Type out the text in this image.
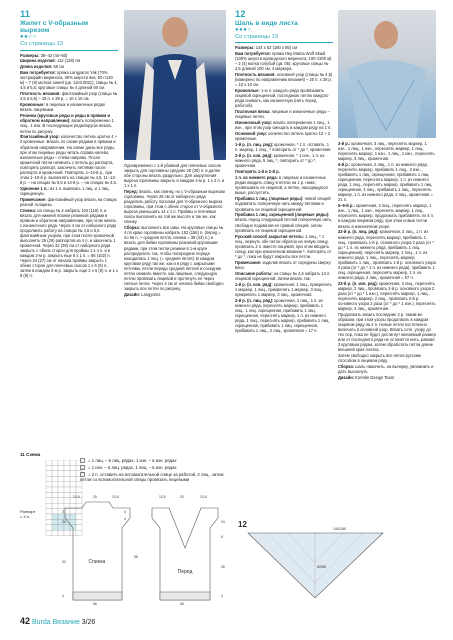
11
Жилет с V-образным вырезом
●●○○
Со страницы 13

Размеры: 38–42 (44–50)

Ширина изделия: 112 (128) см

Длина изделия: 58 см

Вам потребуется: пряжа Langyarns Yak (70% экстрафайн мериноса, 30% шерсти яка; 50 г/120 м) – 7 (8) мотков синей (цв. 1103.0021); спицы № 4, 4,5 и 5,5; круговые спицы № 4 длиной 60 см.

Плотность вязания: фантазийный узор (спицы № 4,5 и 5,5) – 18 п. x 28 р. = 10 x 10 см.

Кромочные: в лицевых и изнаночных рядах вязать лицевыми.

Резинка (круговые ряды и ряды в прямом и обратном направлении): вязать попеременно 1 лиц., 1 изн. В последующих рядах/кругах вязать петли по рисунку.

Фантазийный узор: количество петель кратно 4 + 2 кромочные. Вязать по схеме рядами в прямом и обратном направлении. На схеме даны все ряды, при этом лицевые ряды читать справа налево, изнаночные ряды – слева направо. После кромочной петли начинать с петель до раппорта, повторять раппорт, закончить петлями после раппорта и кромочной. Повторять 1–14-й р., при этом 1–10-й р. выполнять на спицах № 4,5, 11–13-й р. – на спицах № 5,5 и 14-й р. – на спицах № 4,5.

Удвоение 1 п.: из 1 п. вывязать 1 лиц. и 1 лиц. скрещенную.

Примечание: фантазийный узор вязать на спицах разной толщины.

Спинка: на спицы № 4 набрать 102 (118) п. и вязать для нижней планки резинкой рядами в прямом и обратном направлении, при этом начать с изнаночного ряда. Через 4 см от наборного ряда продолжить работу на спицах № 4,5 и 5,5 фантазийным узором, при этом после кромочной выполнять 25 (29) раппортов из 4 п. и закончить 1 кромочной. Через 32 (39) см от наборного ряда закрыть с обеих сторон для проймы 1 x 4 п. и в каждом 2-м р. закрыть еще 6 x 1 п. = 86 (102) п. Через 24 (27) см от начала проймы закрыть с обеих сторон для плечевых скосов 1 x 6 (8) п., затем в каждом 2-м р. закрыть еще 2 x 6 (8) п. и 1 x 8 (9) п.

Одновременно с 1-й убавкой для плечевых скосов закрыть для горловины средние 28 (30) п. и далее обе стороны вязать раздельно. Для закругления выреза горловины закрыть в каждом 2-м р. 1 x 2 п. и 1 x 1 п.

Перед: вязать, как спинку, но с V-образным вырезом горловины. Через 26 см от наборного ряда разделить работу пополам для V-образного выреза горловины, при этом с обеих сторон от V-образного выреза уменьшать 14 x 1 п. Проймы и плечевые скосы выполнить на той же высоте и так же, как спинку.

Сборка: выполнить все швы. На круговые спицы № 4 по краю горловины набрать 152 (156) п. (перед = по 56 п. + средняя петля, спинка = 39 (43) п.) и вязать для бейки горловины резинкой круговыми рядами, при этом петли резинки в 1-м круге распределить так, чтобы посередине переда находилась 1 лиц. (= средняя петля). В каждом круговом ряду так же, как и в ряду с закрытыми петлями, петли переда средней петлей и соседние петли снимать вместе, как лицевые, следующую петлю провязать лицевой и протянуть ее через снятые петли. Через 4 см от начала бейки свободно закрыть все петли по рисунку.

Дизайн: Langyarns

11 Схема
Раппорт = 4 п.
= 1 лиц. – в лиц. рядах, 1 изн. – в изн. рядах
– = 1 изн. – в лиц. рядах, 1 лиц. – в изн. рядах
⌒ = 2 п. оставить на вспомогательной спице за работой, 2 лиц., затем петли со вспомогательной спицы провязать лицевыми
Спинка
Перед
13,5	20	13,5
2
24
32
4
56
4
4
58
13,5	20	13,5
24
6
26
4
56
12
Шаль в виде листа
●●●○
Со страницы 13

Размеры: 144 x 52 (180 x 85) см

Вам потребуется: пряжа Hey Mama Wolf Skadi (100% шерсти ирландского мериноса; 100 г/200 м) – 2 (4) мотка голубой (цв. 05); круговые спицы № 4,5 длиной 100 см; 4 маркера.

Плотность вязания: основной узор (спицы № 4,5) (измерено по направлению вязания) – 20 п. x 28 р. = 10 x 10 см.

Кромочные: 1-ю п. каждого ряда провязывать лицевой скрещенной, последнюю петлю каждого ряда снимать, как изнаночную (нить перед работой).

Платочная вязка: лицевые и изнаночные ряды – лицевые петли.

Изнаночный узор: вязать попеременно 1 лиц., 1 изн., при этом узор смещать в каждом ряду на 1 п.

Основной узор: количество петель кратно 12 + 2 кромочные.

1-й р. (п. лиц. ряд): кромочная, * 1 п. оставить, 1 п. маркер, 1 лиц., * повторить от * до *, кромочная.

2-й р. (п. изн. ряд): кромочная, * 1 изн., 1 п. из нижнего ряда, 5 лиц. *, повторить от * до *, кромочная.

Повторять 1-й и 2-й р.

1 п. из нижнего ряда: в лицевых и изнаночных рядах вводить спицу в петлю на 1 р. ниже, провязывать ее лицевой, а петлю, находящуюся выше, распустить.

Прибавка 1 лиц. (лицевые ряды): левой спицей подхватить поперечную нить между петлями и провязать ее лицевой скрещенной.

Прибавка 1 лиц. скрещенной (лицевые ряды): вязать перед следующей петлей поперечную нить, свободно подхватив ее правой спицей, затем провязать ее лицевой скрещенной.

Русский способ закрытия петель: 1 лиц., * 1 лиц., вернуть обе петли обратно на левую спицу, провязать 2 п. вместе лицевой, при этом вводить спицу, как при изнаночном вязании *, повторять от * до *, пока не будут закрыты все петли.

Примечание: изделие вязать от середины сверху вниз.

Описание работы: на спицы № 4,5 набрать 13 п. лицевой скрещенной. Затем вязать так:

1-й р. (п. изн. ряд): кромочная, 1 лиц., прикрепить 1 маркер, 1 лиц., прикрепить 1 маркер, 3 лиц., прикрепить 1 маркер, 3 лиц., кромочная.

2-й р. (п. лиц. ряд): кромочная, 2 лиц., 1 п. из нижнего ряда, переснять маркер, прибавить 1 лиц., 1 лиц. скрещенная, прибавить 1 лиц. скрещенная, переснять маркер, 1 п. из нижнего ряда, 1 лиц., переснять маркер, прибавить 1 лиц. скрещенная, прибавить 1 лиц. скрещенная, прибавить 1 лиц., 2 лиц., кромочная = 17 п.

3-й р.: кромочная, 3 лиц., переснять маркер, 1 изн., 1 лиц., 1 изн., переснять маркер, 1 лиц., переснять маркер, 1 изн., 1 лиц., 1 изн., переснять маркер, 3 лиц., кромочная.

4-й р.: кромочная, 2 лиц., 1 п. из нижнего ряда, переснять маркер, прибавить 1 лиц., 3 изн., прибавить 1 лиц. скрещенная, прибавить 1 лиц. скрещенная, переснять маркер, 1 п. из нижнего ряда, 1 лиц., переснять маркер, прибавить 1 лиц. скрещенная, 3 лиц., прибавить 1 лиц., переснять маркер, 1 п. из нижнего ряда, 2 лиц., кромочная = 21 п.

5–9-й р.: кромочная, 3 лиц., переснять маркер, 1 изн., 1 лиц., 1 изн., переснять маркер, 1 лиц., переснять маркер, продолжать прибавлять по 4 п. в каждом лицевом ряду, при этом новые петли вязать в изнаночном узоре.

22-й р. (п. лиц. ряд): кромочная, 2 лиц., 1 п. из нижнего ряда, переснять маркер, прибавить 1 лиц., провязать 1-й р. основного узора 2 раза (от * до * 1 п. из нижнего ряда, прибавить 1 лиц. скрещенная), переснять маркер, 1 лиц., 1 п. из нижнего ряда, 1 лиц., переснять маркер, прибавить 1 лиц., провязать 1-й р. основного узора 2 раза (от * до * 1 п. из нижнего ряда), прибавить 1 лиц. скрещенная, переснять маркер, 1 п. из нижнего ряда, 2 лиц., кромочная = 57 п.

23-й р. (п. изн. ряд): кромочная, 3 лиц., переснять маркер, 2 лиц., провязать 2-й р. основного узора 2 раза (от * до * 1 изн.), переснять маркер, 1 лиц., переснять маркер, 2 лиц., провязать 2-й р. основного узора 2 раза (от * до * 1 изн.), переснять маркер, 3 лиц., кромочная.

Продолжать вязать последние 2 р. таким же образом, при этом узоры продолжать в каждом лицевом ряду на 4 п. Новые петли постепенно включать в основной узор. Вязать соте, узору до тех пор, пока не будет достигнут желаемый размер или от последнего ряда не останется нить, равная 3 круговым рядам, затем обработать петли длине внешней края платка.

Затем свободно закрыть все петли русским способом в лицевом ряду.

Сборка: шаль намочить, на вычерку, увлажнить и дать высохнуть.

Дизайн: Kremke Design Team

12	144/180
52/85
42 Burda Вязание 3/26
